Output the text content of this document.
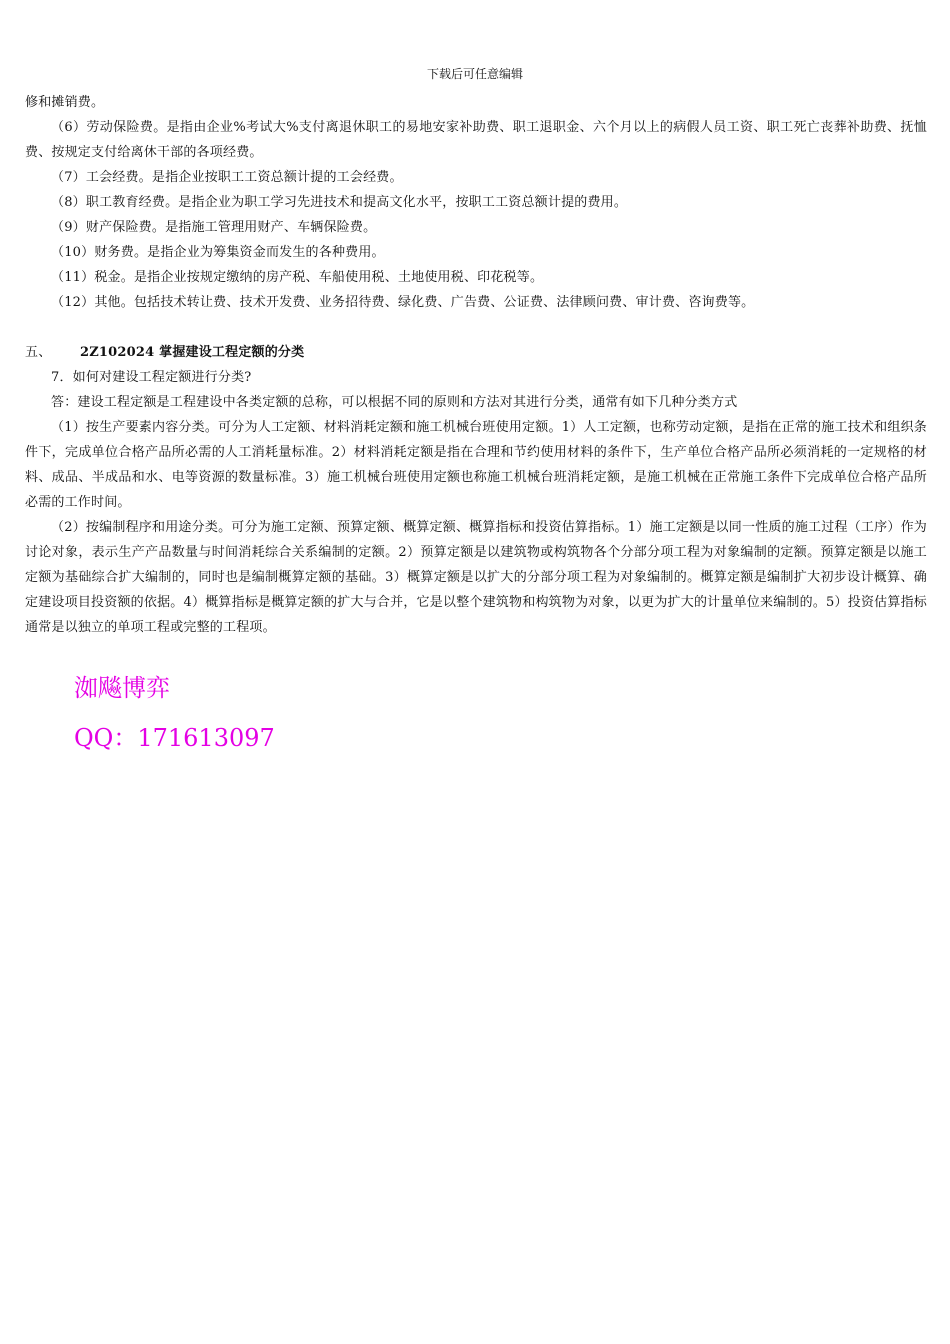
下载后可任意编辑

修和摊销费。

（6）劳动保险费。是指由企业%考试大%支付离退休职工的易地安家补助费、职工退职金、六个月以上的病假人员工资、职工死亡丧葬补助费、抚恤费、按规定支付给离休干部的各项经费。

（7）工会经费。是指企业按职工工资总额计提的工会经费。

（8）职工教育经费。是指企业为职工学习先进技术和提高文化水平，按职工工资总额计提的费用。

（9）财产保险费。是指施工管理用财产、车辆保险费。

（10）财务费。是指企业为筹集资金而发生的各种费用。

（11）税金。是指企业按规定缴纳的房产税、车船使用税、土地使用税、印花税等。

（12）其他。包括技术转让费、技术开发费、业务招待费、绿化费、广告费、公证费、法律顾问费、审计费、咨询费等。

五、	2Z102024 掌握建设工程定额的分类

7．如何对建设工程定额进行分类?

答：建设工程定额是工程建设中各类定额的总称，可以根据不同的原则和方法对其进行分类，通常有如下几种分类方式

（1）按生产要素内容分类。可分为人工定额、材料消耗定额和施工机械台班使用定额。1）人工定额，也称劳动定额，是指在正常的施工技术和组织条件下，完成单位合格产品所必需的人工消耗量标准。2）材料消耗定额是指在合理和节约使用材料的条件下，生产单位合格产品所必须消耗的一定规格的材料、成品、半成品和水、电等资源的数量标准。3）施工机械台班使用定额也称施工机械台班消耗定额，是施工机械在正常施工条件下完成单位合格产品所必需的工作时间。

（2）按编制程序和用途分类。可分为施工定额、预算定额、概算定额、概算指标和投资估算指标。1）施工定额是以同一性质的施工过程（工序）作为讨论对象，表示生产产品数量与时间消耗综合关系编制的定额。2）预算定额是以建筑物或构筑物各个分部分项工程为对象编制的定额。预算定额是以施工定额为基础综合扩大编制的，同时也是编制概算定额的基础。3）概算定额是以扩大的分部分项工程为对象编制的。概算定额是编制扩大初步设计概算、确定建设项目投资额的依据。4）概算指标是概算定额的扩大与合并，它是以整个建筑物和构筑物为对象，以更为扩大的计量单位来编制的。5）投资估算指标通常是以独立的单项工程或完整的工程项。

洳飚博弈
QQ：171613097
